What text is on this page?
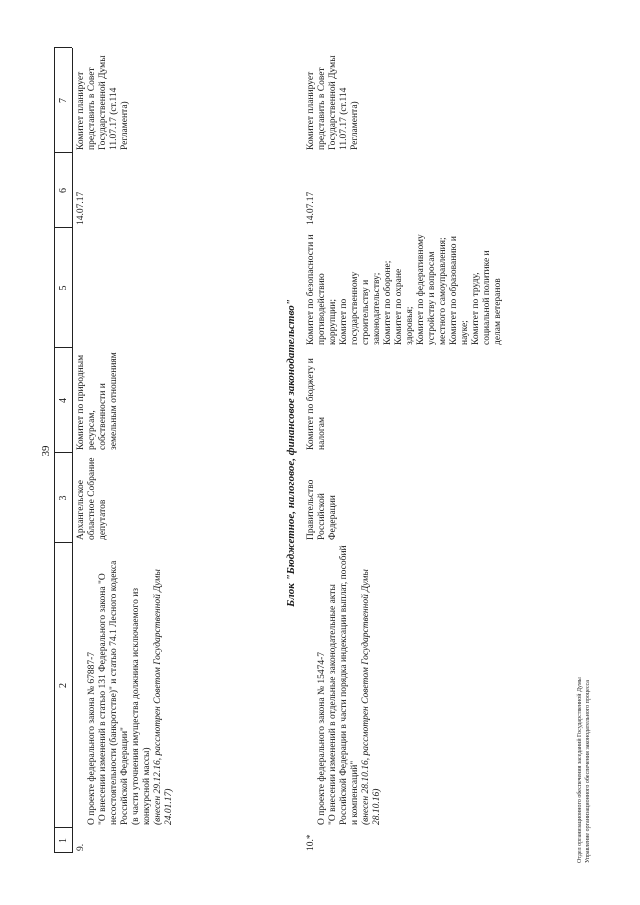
39
1
2
3
4
5
6
7
9.

О проекте федерального закона № 67887-7
"О внесении изменений в статью 131 Федерального закона "О несостоятельности (банкротстве)" и статью 74.1 Лесного кодекса Российской Федерации"
(в части уточнения имущества должника исключаемого из конкурсной массы)
(внесен 29.12.16, рассмотрен Советом Государственной Думы 24.01.17)

Архангельское областное Собрание депутатов
Комитет по природным ресурсам, собственности и земельным отношениям
14.07.17
Комитет планирует представить в Совет Государственной Думы 11.07.17 (ст.114 Регламента)
Блок "Бюджетное, налоговое, финансовое законодательство"
10.*

О проекте федерального закона № 15474-7
"О внесении изменений в отдельные законодательные акты Российской Федерации в части порядка индексации выплат, пособий и компенсаций"
(внесен 28.10.16, рассмотрен Советом Государственной Думы 28.10.16)

Правительство Российской Федерации
Комитет по бюджету и налогам
Комитет по безопасности и противодействию коррупции;
Комитет по государственному строительству и законодательству;
Комитет по обороне;
Комитет по охране здоровья;
Комитет по федеративному устройству и вопросам местного самоуправления;
Комитет по образованию и науке;
Комитет по труду, социальной политике и делам ветеранов
14.07.17
Комитет планирует представить в Совет Государственной Думы 11.07.17 (ст.114 Регламента)
Отдел организационного обеспечения заседаний Государственной Думы
Управление организационного обеспечения законодательного процесса
